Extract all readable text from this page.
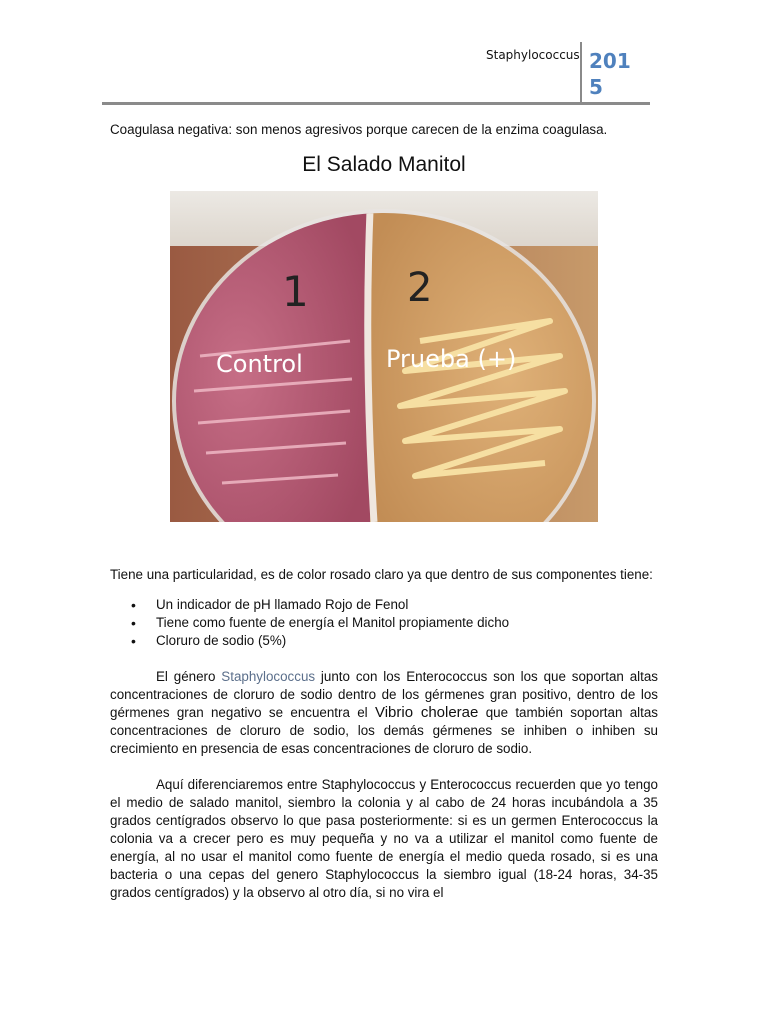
Staphylococcus 2015

Coagulasa negativa: son menos agresivos porque carecen de la enzima coagulasa.

El Salado Manitol
1 2
Control	Prueba (+)

Tiene una particularidad, es de color rosado claro ya que dentro de sus componentes tiene:

• Un indicador de pH llamado Rojo de Fenol
• Tiene como fuente de energía el Manitol propiamente dicho
• Cloruro de sodio (5%)

El género Staphylococcus junto con los Enterococcus son los que soportan altas concentraciones de cloruro de sodio dentro de los gérmenes gran positivo, dentro de los gérmenes gran negativo se encuentra el Vibrio cholerae que también soportan altas concentraciones de cloruro de sodio, los demás gérmenes se inhiben o inhiben su crecimiento en presencia de esas concentraciones de cloruro de sodio.

Aquí diferenciaremos entre Staphylococcus y Enterococcus recuerden que yo tengo el medio de salado manitol, siembro la colonia y al cabo de 24 horas incubándola a 35 grados centígrados observo lo que pasa posteriormente: si es un germen Enterococcus la colonia va a crecer pero es muy pequeña y no va a utilizar el manitol como fuente de energía, al no usar el manitol como fuente de energía el medio queda rosado, si es una bacteria o una cepas del genero Staphylococcus la siembro igual (18-24 horas, 34-35 grados centígrados) y la observo al otro día, si no vira el
